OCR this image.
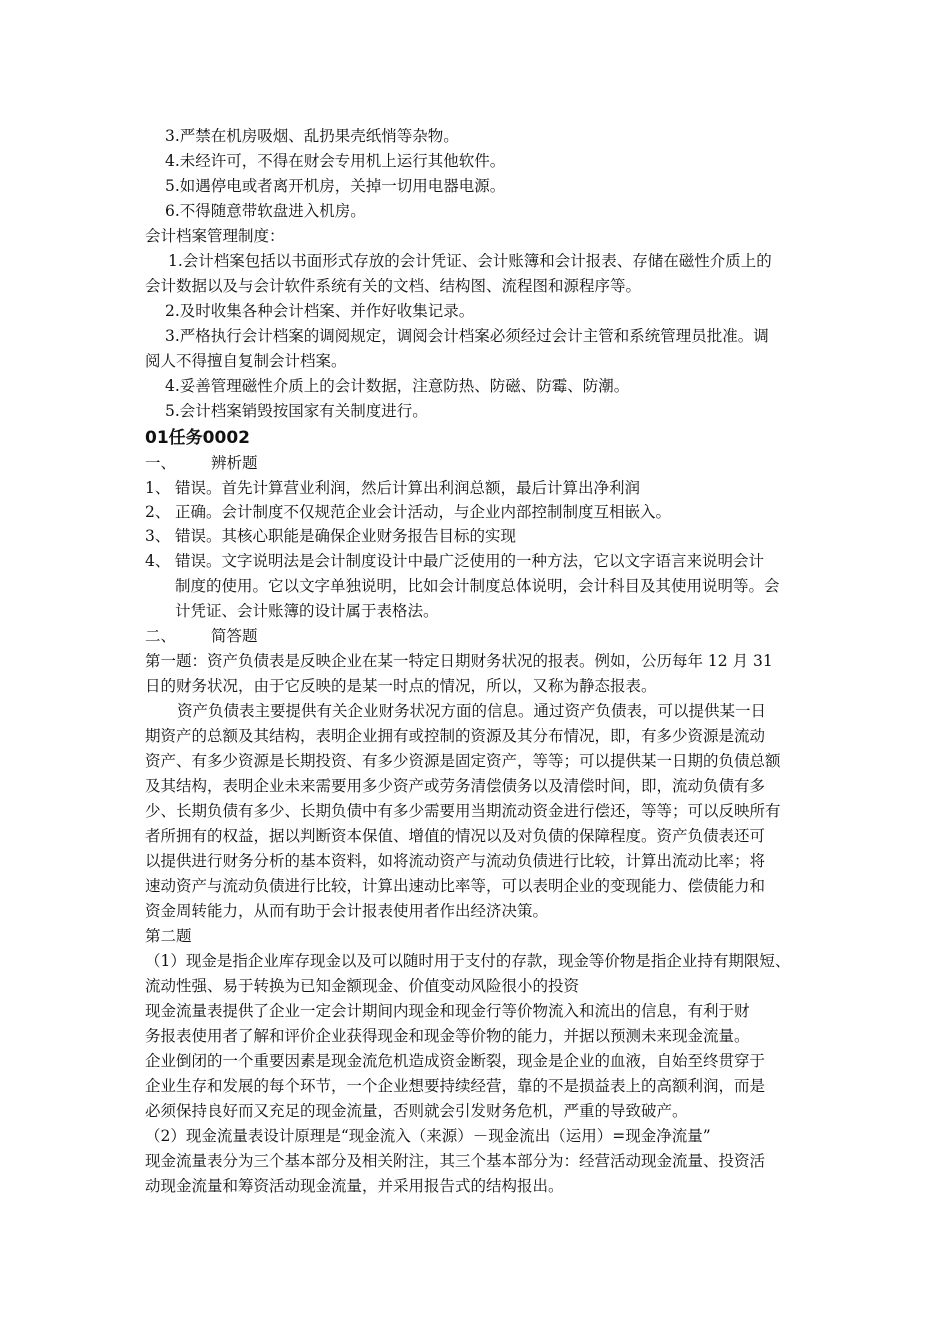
3.严禁在机房吸烟、乱扔果壳纸悄等杂物。
4.未经许可，不得在财会专用机上运行其他软件。
5.如遇停电或者离开机房，关掉一切用电器电源。
6.不得随意带软盘进入机房。
会计档案管理制度：
1.会计档案包括以书面形式存放的会计凭证、会计账簿和会计报表、存储在磁性介质上的
会计数据以及与会计软件系统有关的文档、结构图、流程图和源程序等。
2.及时收集各种会计档案、并作好收集记录。
3.严格执行会计档案的调阅规定，调阅会计档案必须经过会计主管和系统管理员批准。调
阅人不得擅自复制会计档案。
4.妥善管理磁性介质上的会计数据，注意防热、防磁、防霉、防潮。
5.会计档案销毁按国家有关制度进行。
01任务0002
一、 辨析题
1、 错误。首先计算营业利润，然后计算出利润总额，最后计算出净利润
2、 正确。会计制度不仅规范企业会计活动，与企业内部控制制度互相嵌入。
3、 错误。其核心职能是确保企业财务报告目标的实现
4、 错误。文字说明法是会计制度设计中最广泛使用的一种方法，它以文字语言来说明会计
制度的使用。它以文字单独说明，比如会计制度总体说明，会计科目及其使用说明等。会
计凭证、会计账簿的设计属于表格法。
二、 简答题
第一题：资产负债表是反映企业在某一特定日期财务状况的报表。例如，公历每年 12 月 31
日的财务状况，由于它反映的是某一时点的情况，所以，又称为静态报表。
资产负债表主要提供有关企业财务状况方面的信息。通过资产负债表，可以提供某一日
期资产的总额及其结构，表明企业拥有或控制的资源及其分布情况，即，有多少资源是流动
资产、有多少资源是长期投资、有多少资源是固定资产，等等；可以提供某一日期的负债总额
及其结构，表明企业未来需要用多少资产或劳务清偿债务以及清偿时间，即，流动负债有多
少、长期负债有多少、长期负债中有多少需要用当期流动资金进行偿还，等等；可以反映所有
者所拥有的权益，据以判断资本保值、增值的情况以及对负债的保障程度。资产负债表还可
以提供进行财务分析的基本资料，如将流动资产与流动负债进行比较，计算出流动比率；将
速动资产与流动负债进行比较，计算出速动比率等，可以表明企业的变现能力、偿债能力和
资金周转能力，从而有助于会计报表使用者作出经济决策。
第二题
（1）现金是指企业库存现金以及可以随时用于支付的存款，现金等价物是指企业持有期限短、
流动性强、易于转换为已知金额现金、价值变动风险很小的投资
现金流量表提供了企业一定会计期间内现金和现金行等价物流入和流出的信息，有利于财
务报表使用者了解和评价企业获得现金和现金等价物的能力，并据以预测未来现金流量。
企业倒闭的一个重要因素是现金流危机造成资金断裂，现金是企业的血液，自始至终贯穿于
企业生存和发展的每个环节，一个企业想要持续经营，靠的不是损益表上的高额利润，而是
必须保持良好而又充足的现金流量，否则就会引发财务危机，严重的导致破产。
（2）现金流量表设计原理是“现金流入（来源）－现金流出（运用）=现金净流量”
现金流量表分为三个基本部分及相关附注，其三个基本部分为：经营活动现金流量、投资活
动现金流量和筹资活动现金流量，并采用报告式的结构报出。
